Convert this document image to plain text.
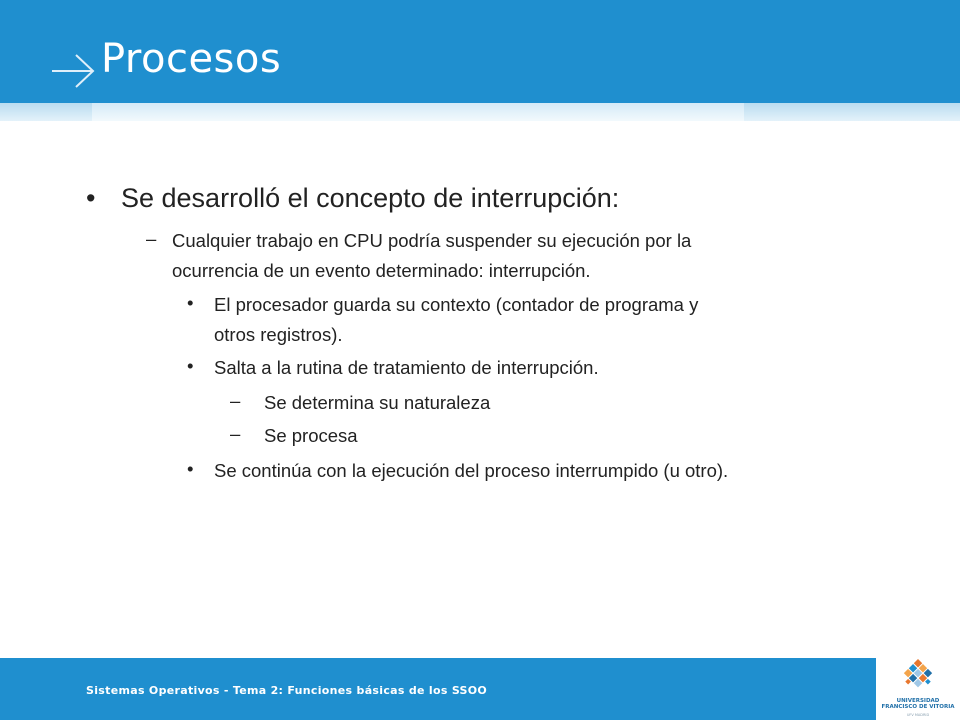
Procesos
• Se desarrolló el concepto de interrupción:
– Cualquier trabajo en CPU podría suspender su ejecución por la
ocurrencia de un evento determinado: interrupción.
• El procesador guarda su contexto (contador de programa y
otros registros).
• Salta a la rutina de tratamiento de interrupción.
– Se determina su naturaleza
– Se procesa
• Se continúa con la ejecución del proceso interrumpido (u otro).
Sistemas Operativos - Tema 2: Funciones básicas de los SSOO
UNIVERSIDAD
FRANCISCO DE VITORIA
UFV MADRID
